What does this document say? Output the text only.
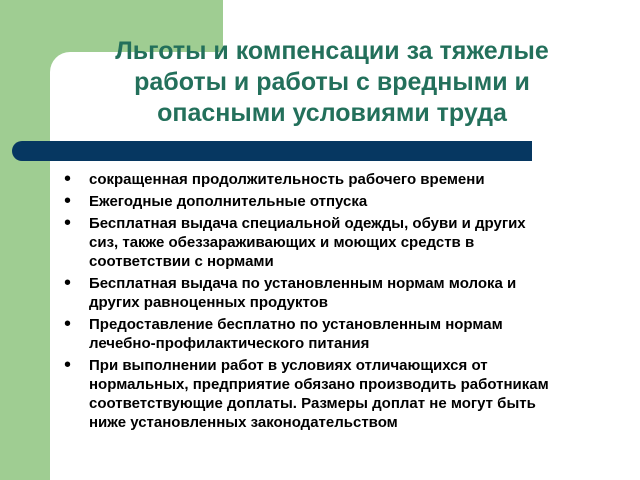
Льготы и компенсации за тяжелые
работы и работы с вредными и
опасными условиями труда
•	сокращенная продолжительность рабочего времени
•	Ежегодные дополнительные отпуска
•	Бесплатная выдача специальной одежды, обуви и других
сиз, также обеззараживающих и моющих средств в
соответствии с нормами
•	Бесплатная выдача по установленным нормам молока и
других равноценных продуктов
•	Предоставление бесплатно по установленным нормам
лечебно-профилактического питания
•	При выполнении работ в условиях отличающихся от
нормальных, предприятие обязано производить работникам
соответствующие доплаты. Размеры доплат не могут быть
ниже установленных законодательством
